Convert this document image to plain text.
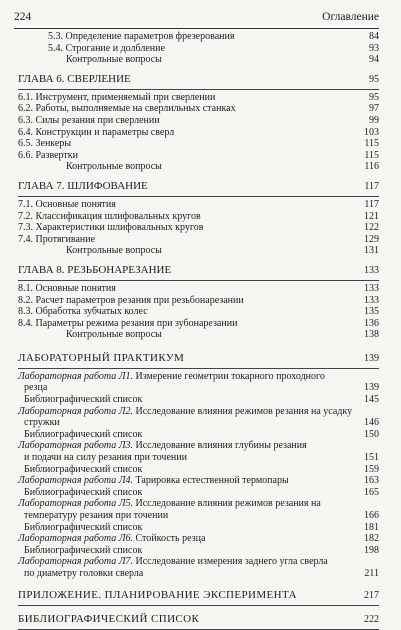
224	Оглавление
5.3. Определение параметров фрезерования	84
5.4. Строгание и долбление	93
Контрольные вопросы	94
ГЛАВА 6. СВЕРЛЕНИЕ	95
6.1. Инструмент, применяемый при сверлении	95
6.2. Работы, выполняемые на сверлильных станках	97
6.3. Силы резания при сверлении	99
6.4. Конструкции и параметры сверл	103
6.5. Зенкеры	115
6.6. Развертки	115
Контрольные вопросы	116
ГЛАВА 7. ШЛИФОВАНИЕ	117
7.1. Основные понятия	117
7.2. Классификация шлифовальных кругов	121
7.3. Характеристики шлифовальных кругов	122
7.4. Протягивание	129
Контрольные вопросы	131
ГЛАВА 8. РЕЗЬБОНАРЕЗАНИЕ	133
8.1. Основные понятия	133
8.2. Расчет параметров резания при резьбонарезании	133
8.3. Обработка зубчатых колес	135
8.4. Параметры режима резания при зубонарезании	136
Контрольные вопросы	138
ЛАБОРАТОРНЫЙ ПРАКТИКУМ	139
Лабораторная работа Л1. Измерение геометрии токарного проходного
резца	139
Библиографический список	145
Лабораторная работа Л2. Исследование влияния режимов резания на усадку
стружки	146
Библиографический список	150
Лабораторная работа Л3. Исследование влияния глубины резания
и подачи на силу резания при точении	151
Библиографический список	159
Лабораторная работа Л4. Тарировка естественной термопары	163
Библиографический список	165
Лабораторная работа Л5. Исследование влияния режимов резания на
температуру резания при точении	166
Библиографический список	181
Лабораторная работа Л6. Стойкость резца	182
Библиографический список	198
Лабораторная работа Л7. Исследование измерения заднего угла сверла
по диаметру головки сверла	211
ПРИЛОЖЕНИЕ. ПЛАНИРОВАНИЕ ЭКСПЕРИМЕНТА	217
БИБЛИОГРАФИЧЕСКИЙ СПИСОК	222
